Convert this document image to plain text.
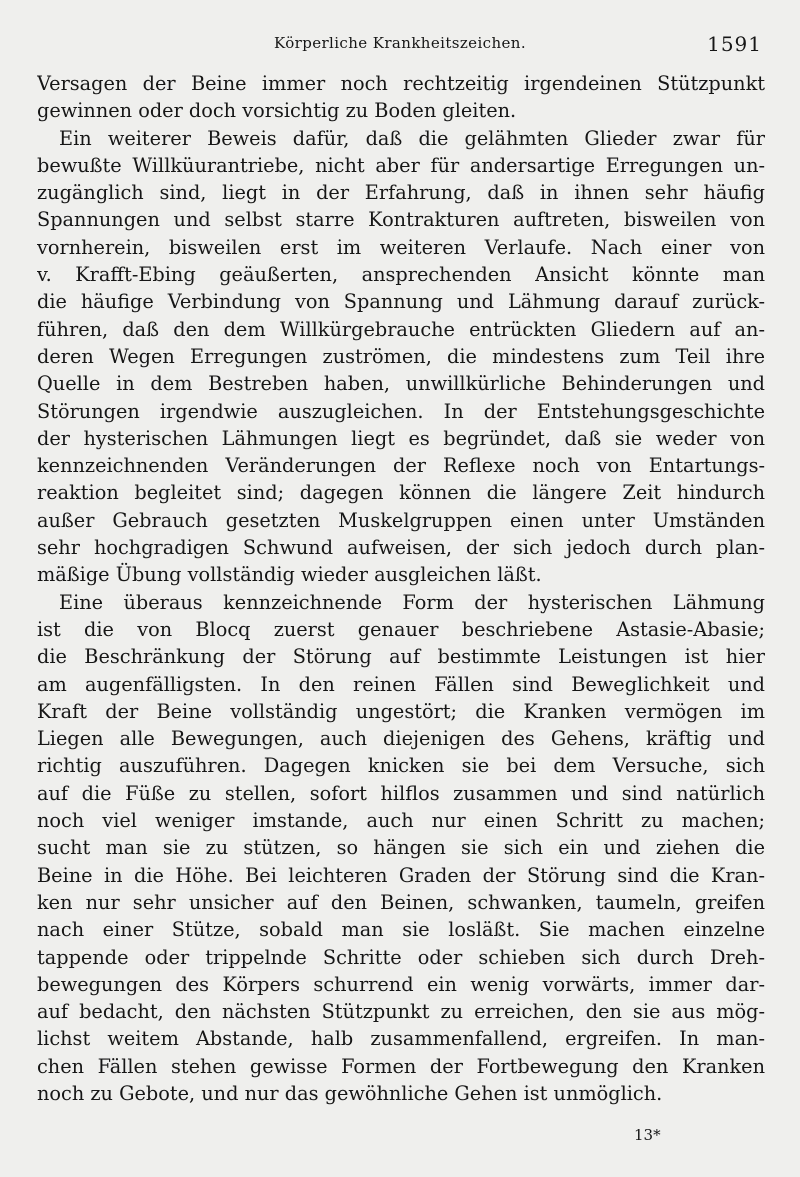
Körperliche Krankheitszeichen.	1591
Versagen der Beine immer noch rechtzeitig irgendeinen Stützpunkt
gewinnen oder doch vorsichtig zu Boden gleiten.
Ein weiterer Beweis dafür, daß die gelähmten Glieder zwar für
bewußte Willküurantriebe, nicht aber für andersartige Erregungen un-
zugänglich sind, liegt in der Erfahrung, daß in ihnen sehr häufig
Spannungen und selbst starre Kontrakturen auftreten, bisweilen von
vornherein, bisweilen erst im weiteren Verlaufe. Nach einer von
v. Krafft-Ebing geäußerten, ansprechenden Ansicht könnte man
die häufige Verbindung von Spannung und Lähmung darauf zurück-
führen, daß den dem Willkürgebrauche entrückten Gliedern auf an-
deren Wegen Erregungen zuströmen, die mindestens zum Teil ihre
Quelle in dem Bestreben haben, unwillkürliche Behinderungen und
Störungen irgendwie auszugleichen. In der Entstehungsgeschichte
der hysterischen Lähmungen liegt es begründet, daß sie weder von
kennzeichnenden Veränderungen der Reflexe noch von Entartungs-
reaktion begleitet sind; dagegen können die längere Zeit hindurch
außer Gebrauch gesetzten Muskelgruppen einen unter Umständen
sehr hochgradigen Schwund aufweisen, der sich jedoch durch plan-
mäßige Übung vollständig wieder ausgleichen läßt.
Eine überaus kennzeichnende Form der hysterischen Lähmung
ist die von Blocq zuerst genauer beschriebene Astasie-Abasie;
die Beschränkung der Störung auf bestimmte Leistungen ist hier
am augenfälligsten. In den reinen Fällen sind Beweglichkeit und
Kraft der Beine vollständig ungestört; die Kranken vermögen im
Liegen alle Bewegungen, auch diejenigen des Gehens, kräftig und
richtig auszuführen. Dagegen knicken sie bei dem Versuche, sich
auf die Füße zu stellen, sofort hilflos zusammen und sind natürlich
noch viel weniger imstande, auch nur einen Schritt zu machen;
sucht man sie zu stützen, so hängen sie sich ein und ziehen die
Beine in die Höhe. Bei leichteren Graden der Störung sind die Kran-
ken nur sehr unsicher auf den Beinen, schwanken, taumeln, greifen
nach einer Stütze, sobald man sie losläßt. Sie machen einzelne
tappende oder trippelnde Schritte oder schieben sich durch Dreh-
bewegungen des Körpers schurrend ein wenig vorwärts, immer dar-
auf bedacht, den nächsten Stützpunkt zu erreichen, den sie aus mög-
lichst weitem Abstande, halb zusammenfallend, ergreifen. In man-
chen Fällen stehen gewisse Formen der Fortbewegung den Kranken
noch zu Gebote, und nur das gewöhnliche Gehen ist unmöglich.
13*
